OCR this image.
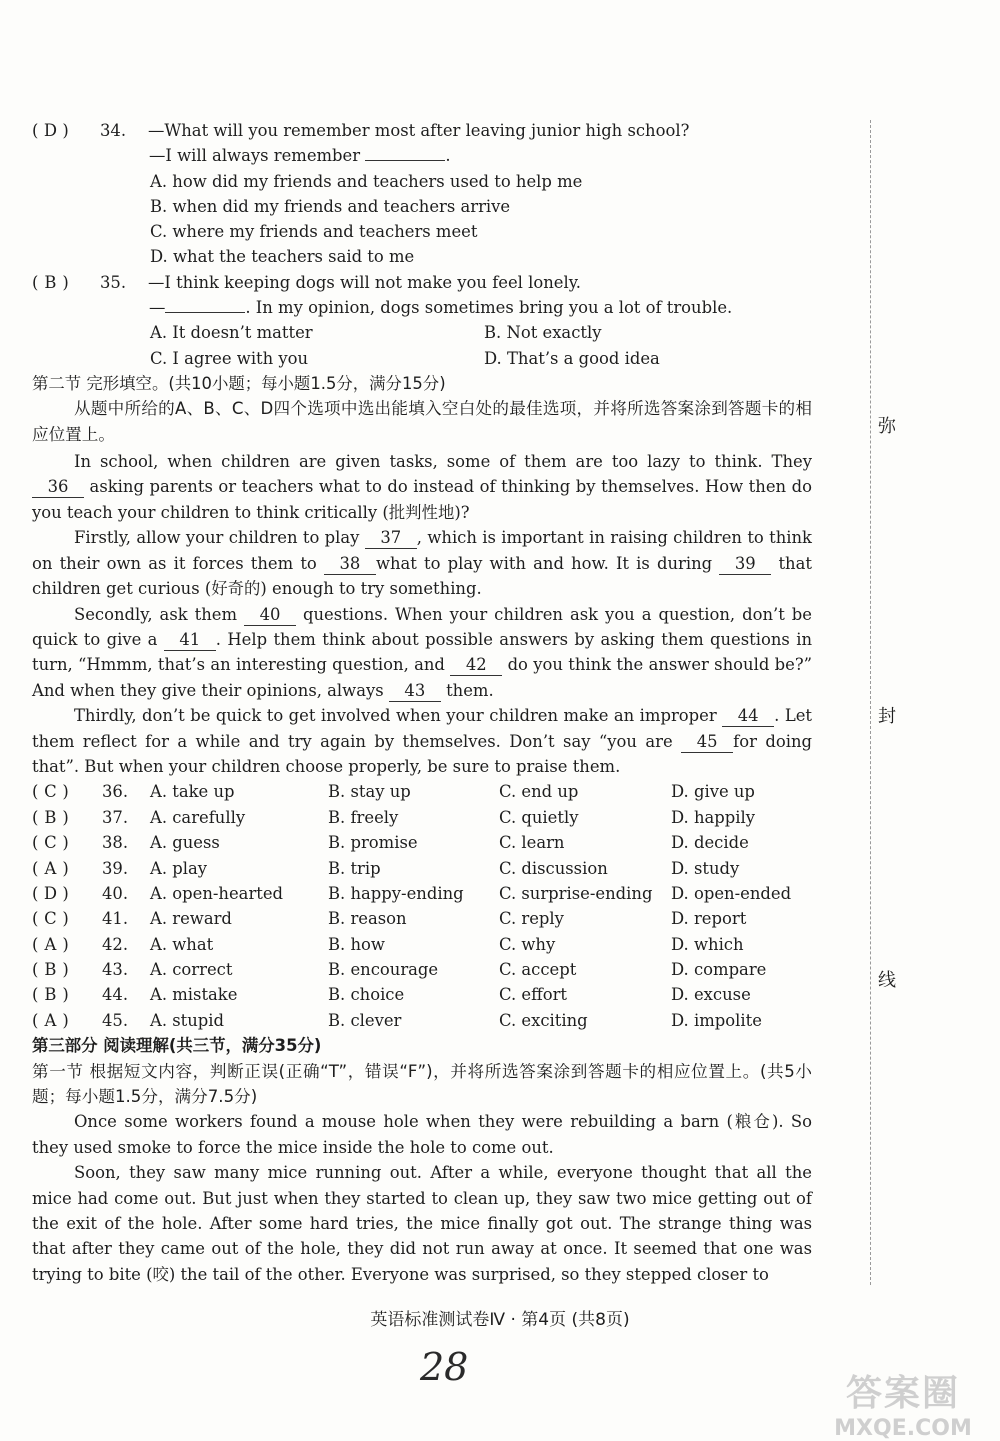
弥
封
线
( D ) 34. —What will you remember most after leaving junior high school?
—I will always remember	.
A. how did my friends and teachers used to help me
B. when did my friends and teachers arrive
C. where my friends and teachers meet
D. what the teachers said to me
( B ) 35. —I think keeping dogs will not make you feel lonely.
—	. In my opinion, dogs sometimes bring you a lot of trouble.
A. It doesn’t matter	B. Not exactly
C. I agree with you	D. That’s a good idea
第二节 完形填空。(共10小题；每小题1.5分，满分15分)
从题中所给的A、B、C、D四个选项中选出能填入空白处的最佳选项，并将所选答案涂到答题卡的相应位置上。
In school, when children are given tasks, some of them are too lazy to think. They 36 asking parents or teachers what to do instead of thinking by themselves. How then do you teach your children to think critically (批判性地)?
Firstly, allow your children to play 37 , which is important in raising children to think on their own as it forces them to 38 what to play with and how. It is during 39 that children get curious (好奇的) enough to try something.
Secondly, ask them 40 questions. When your children ask you a question, don’t be quick to give a 41 . Help them think about possible answers by asking them questions in turn, “Hmmm, that’s an interesting question, and 42 do you think the answer should be?” And when they give their opinions, always 43 them.
Thirdly, don’t be quick to get involved when your children make an improper 44 . Let them reflect for a while and try again by themselves. Don’t say “you are 45 for doing that”. But when your children choose properly, be sure to praise them.
( C ) 36. A. take up	B. stay up	C. end up	D. give up
( B ) 37. A. carefully	B. freely	C. quietly	D. happily
( C ) 38. A. guess	B. promise	C. learn	D. decide
( A ) 39. A. play	B. trip	C. discussion	D. study
( D ) 40. A. open-hearted	B. happy-ending C. surprise-ending D. open-ended
( C ) 41. A. reward	B. reason	C. reply	D. report
( A ) 42. A. what	B. how	C. why	D. which
( B ) 43. A. correct	B. encourage	C. accept	D. compare
( B ) 44. A. mistake	B. choice	C. effort	D. excuse
( A ) 45. A. stupid	B. clever	C. exciting	D. impolite
第三部分 阅读理解(共三节，满分35分)
第一节 根据短文内容，判断正误(正确“T”，错误“F”)，并将所选答案涂到答题卡的相应位置上。(共5小题；每小题1.5分，满分7.5分)
Once some workers found a mouse hole when they were rebuilding a barn (粮仓). So they used smoke to force the mice inside the hole to come out.
Soon, they saw many mice running out. After a while, everyone thought that all the mice had come out. But just when they started to clean up, they saw two mice getting out of the exit of the hole. After some hard tries, the mice finally got out. The strange thing was that after they came out of the hole, they did not run away at once. It seemed that one was trying to bite (咬) the tail of the other. Everyone was surprised, so they stepped closer to
英语标准测试卷Ⅳ · 第4页 (共8页)
28
答案圈
MXQE.COM
